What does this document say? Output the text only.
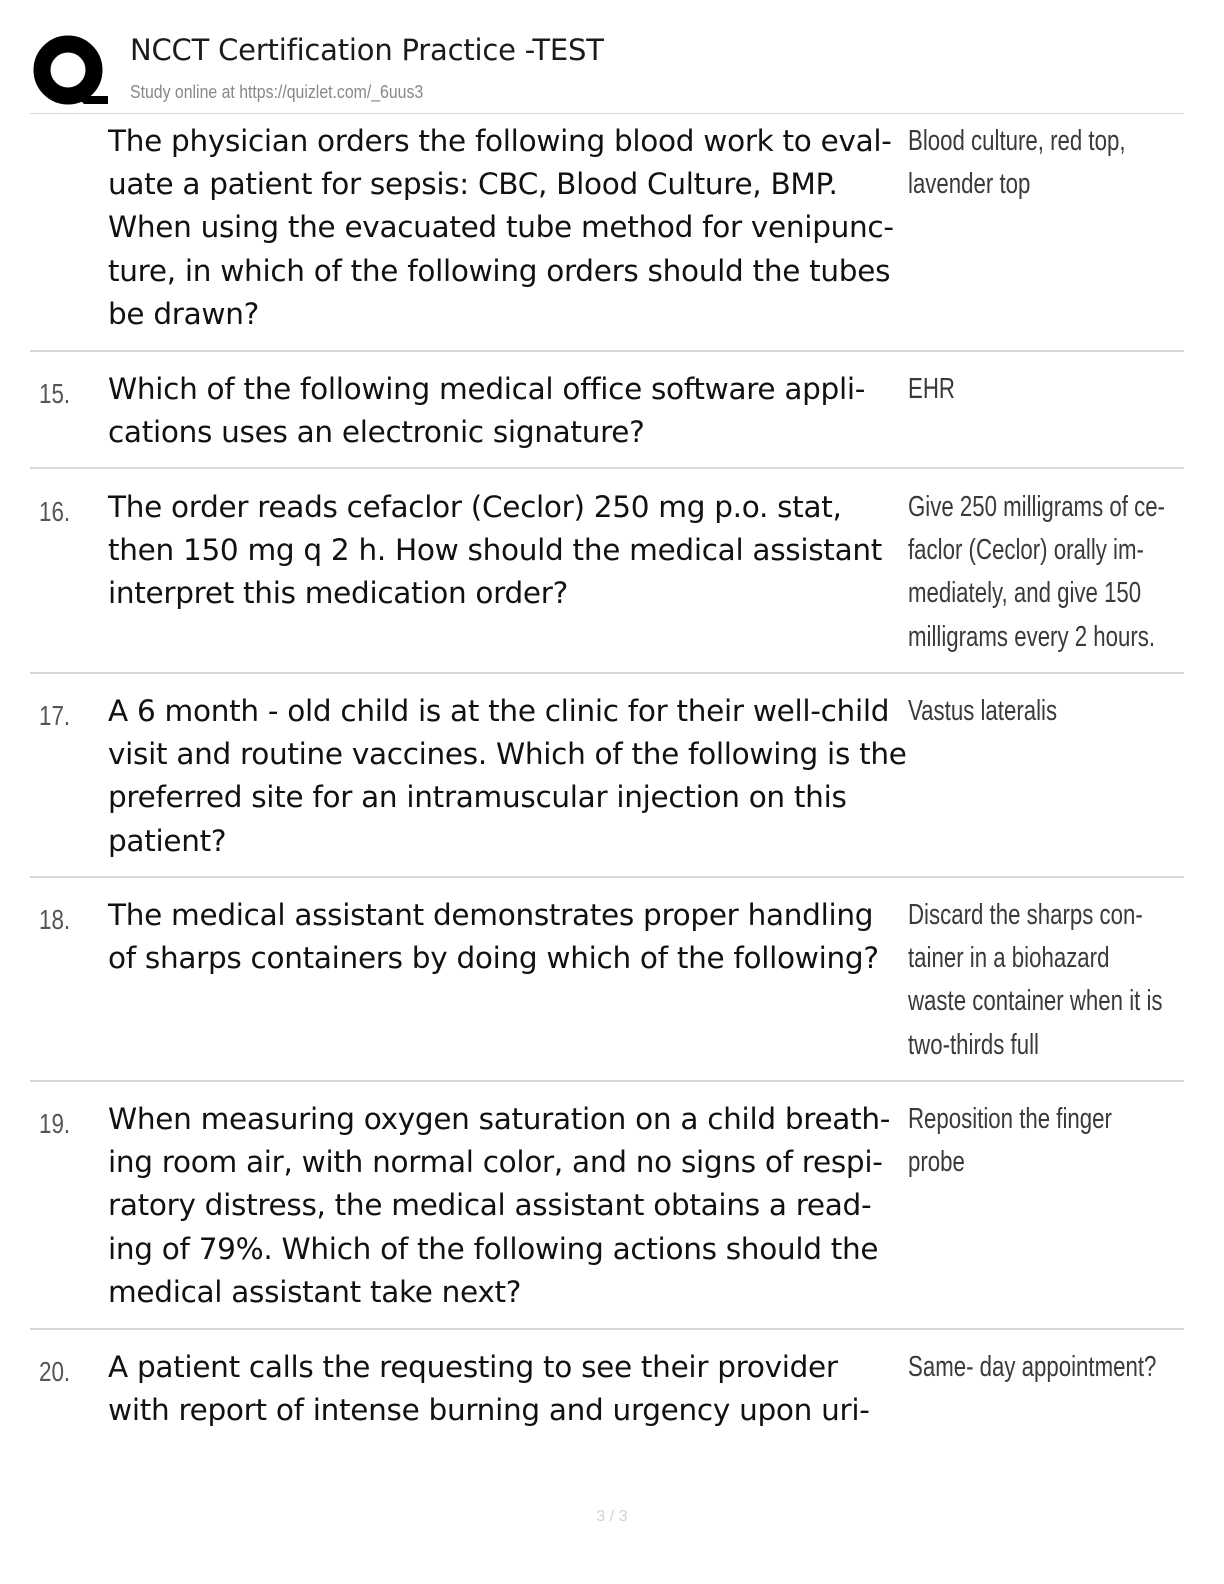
NCCT Certification Practice -TEST
Study online at https://quizlet.com/_6uus3
The physician orders the following blood work to eval-
uate a patient for sepsis: CBC, Blood Culture, BMP.
When using the evacuated tube method for venipunc-
ture, in which of the following orders should the tubes
be drawn?
Blood culture, red top,
lavender top
15. Which of the following medical office software appli-
cations uses an electronic signature?
EHR
16. The order reads cefaclor (Ceclor) 250 mg p.o. stat,
then 150 mg q 2 h. How should the medical assistant
interpret this medication order?
Give 250 milligrams of ce-
faclor (Ceclor) orally im-
mediately, and give 150
milligrams every 2 hours.
17. A 6 month - old child is at the clinic for their well-child
visit and routine vaccines. Which of the following is the
preferred site for an intramuscular injection on this
patient?
Vastus lateralis
18. The medical assistant demonstrates proper handling
of sharps containers by doing which of the following?
Discard the sharps con-
tainer in a biohazard
waste container when it is
two-thirds full
19. When measuring oxygen saturation on a child breath-
ing room air, with normal color, and no signs of respi-
ratory distress, the medical assistant obtains a read-
ing of 79%. Which of the following actions should the
medical assistant take next?
Reposition the finger
probe
20. A patient calls the requesting to see their provider
with report of intense burning and urgency upon uri-
Same- day appointment?
3 / 3
